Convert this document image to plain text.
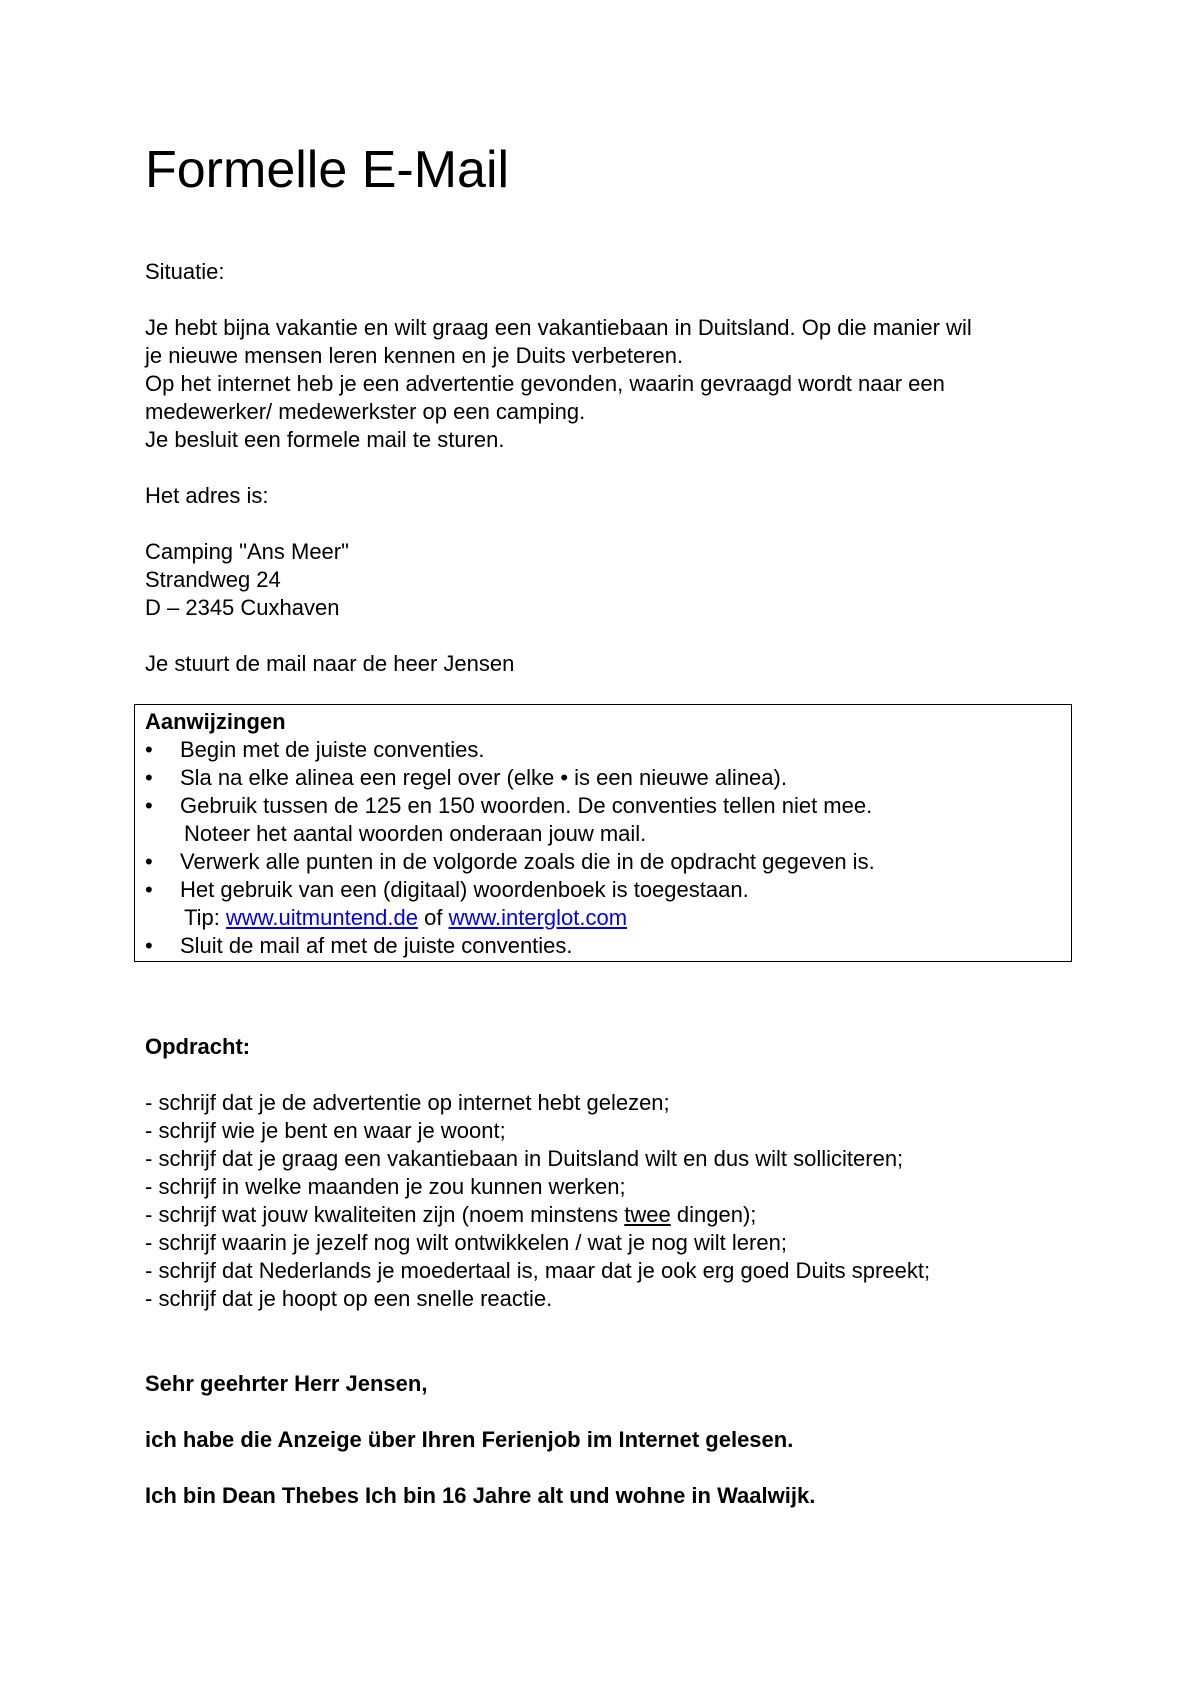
Formelle E-Mail

Situatie:

Je hebt bijna vakantie en wilt graag een vakantiebaan in Duitsland. Op die manier wil

je nieuwe mensen leren kennen en je Duits verbeteren.

Op het internet heb je een advertentie gevonden, waarin gevraagd wordt naar een

medewerker/ medewerkster op een camping.

Je besluit een formele mail te sturen.

Het adres is:

Camping "Ans Meer"

Strandweg 24

D – 2345 Cuxhaven

Je stuurt de mail naar de heer Jensen

Aanwijzingen
•	Begin met de juiste conventies.
•	Sla na elke alinea een regel over (elke • is een nieuwe alinea).
•	Gebruik tussen de 125 en 150 woorden. De conventies tellen niet mee.
Noteer het aantal woorden onderaan jouw mail.
•	Verwerk alle punten in de volgorde zoals die in de opdracht gegeven is.
•	Het gebruik van een (digitaal) woordenboek is toegestaan.
Tip: www.uitmuntend.de of www.interglot.com
•	Sluit de mail af met de juiste conventies.

Opdracht:

- schrijf dat je de advertentie op internet hebt gelezen;

- schrijf wie je bent en waar je woont;

- schrijf dat je graag een vakantiebaan in Duitsland wilt en dus wilt solliciteren;

- schrijf in welke maanden je zou kunnen werken;

- schrijf wat jouw kwaliteiten zijn (noem minstens twee dingen);

- schrijf waarin je jezelf nog wilt ontwikkelen / wat je nog wilt leren;

- schrijf dat Nederlands je moedertaal is, maar dat je ook erg goed Duits spreekt;

- schrijf dat je hoopt op een snelle reactie.

Sehr geehrter Herr Jensen,

ich habe die Anzeige über Ihren Ferienjob im Internet gelesen.

Ich bin Dean Thebes Ich bin 16 Jahre alt und wohne in Waalwijk.
